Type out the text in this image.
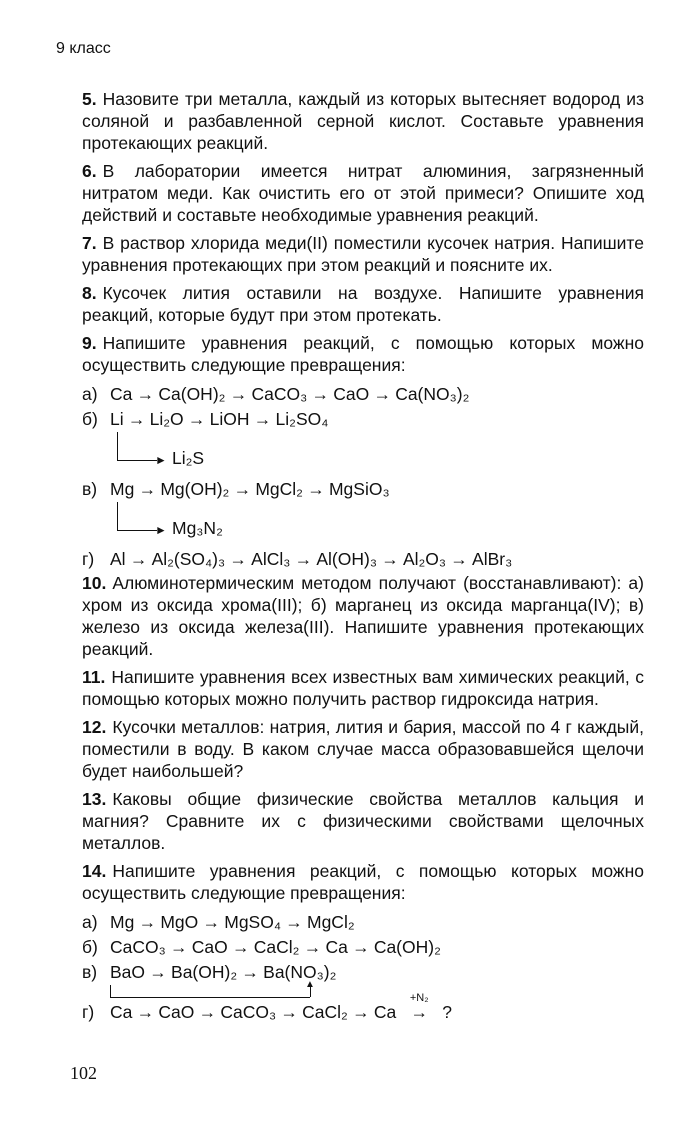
9 класс
5. Назовите три металла, каждый из которых вытесняет водород из соляной и разбавленной серной кислот. Составьте уравнения протекающих реакций.
6. В лаборатории имеется нитрат алюминия, загрязненный нитратом меди. Как очистить его от этой примеси? Опишите ход действий и составьте необходимые уравнения реакций.
7. В раствор хлорида меди(II) поместили кусочек натрия. Напишите уравнения протекающих при этом реакций и поясните их.
8. Кусочек лития оставили на воздухе. Напишите уравнения реакций, которые будут при этом протекать.
9. Напишите уравнения реакций, с помощью которых можно осуществить следующие превращения:
а) Ca → Ca(OH)₂ → CaCO₃ → CaO → Ca(NO₃)₂
б) Li → Li₂O → LiOH → Li₂SO₄
► Li₂S
в) Mg → Mg(OH)₂ → MgCl₂ → MgSiO₃
► Mg₃N₂
г) Al → Al₂(SO₄)₃ → AlCl₃ → Al(OH)₃ → Al₂O₃ → AlBr₃
10. Алюминотермическим методом получают (восстанавливают): а) хром из оксида хрома(III); б) марганец из оксида марганца(IV); в) железо из оксида железа(III). Напишите уравнения протекающих реакций.
11. Напишите уравнения всех известных вам химических реакций, с помощью которых можно получить раствор гидроксида натрия.
12. Кусочки металлов: натрия, лития и бария, массой по 4 г каждый, поместили в воду. В каком случае масса образовавшейся щелочи будет наибольшей?
13. Каковы общие физические свойства металлов кальция и магния? Сравните их с физическими свойствами щелочных металлов.
14. Напишите уравнения реакций, с помощью которых можно осуществить следующие превращения:
а) Mg → MgO → MgSO₄ → MgCl₂
б) CaCO₃ → CaO → CaCl₂ → Ca → Ca(OH)₂
в) BaO → Ba(OH)₂ → Ba(NO₃)₂
▲
г) Ca → CaO → CaCO₃ → CaCl₂ → Ca
+N₂
→ ?
102
